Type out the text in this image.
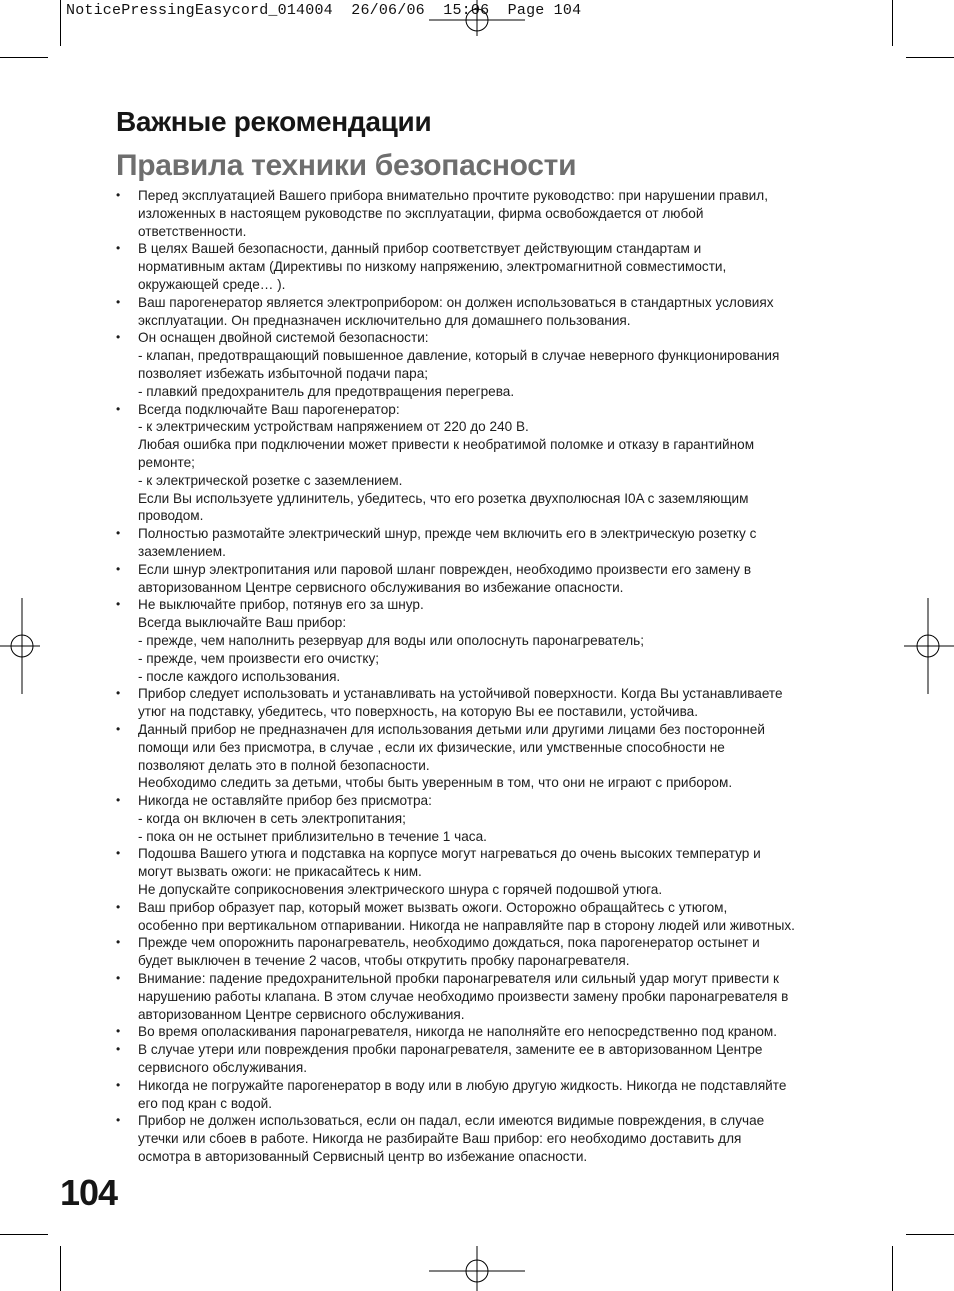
NoticePressingEasycord_014004  26/06/06  15:06  Page 104
Важные рекомендации
Правила техники безопасности
• Перед эксплуатацией Вашего прибора внимательно прочтите руководство: при нарушении правил,
изложенных в настоящем руководстве по эксплуатации, фирма освобождается от любой
ответственности.
• В целях Вашей безопасности, данный прибор соответствует действующим стандартам и
нормативным актам (Директивы по низкому напряжению, электромагнитной совместимости,
окружающей среде… ).
• Ваш парогенератор является электроприбором: он должен использоваться в стандартных условиях
эксплуатации. Он предназначен исключительно для домашнего пользования.
• Он оснащен двойной системой безопасности:
- клапан, предотвращающий повышенное давление, который в случае неверного функционирования
позволяет избежать избыточной подачи пара;
- плавкий предохранитель для предотвращения перегрева.
• Всегда подключайте Ваш парогенератор:
- к электрическим устройствам напряжением от 220 до 240 В.
Любая ошибка при подключении может привести к необратимой поломке и отказу в гарантийном
ремонте;
- к электрической розетке с заземлением.
Если Вы используете удлинитель, убедитесь, что его розетка двухполюсная I0A с заземляющим
проводом.
• Полностью размотайте электрический шнур, прежде чем включить его в электрическую розетку с
заземлением.
• Если шнур электропитания или паровой шланг поврежден, необходимо произвести его замену в
авторизованном Центре сервисного обслуживания во избежание опасности.
• Не выключайте прибор, потянув его за шнур.
Всегда выключайте Ваш прибор:
- прежде, чем наполнить резервуар для воды или ополоснуть паронагреватель;
- прежде, чем произвести его очистку;
- после каждого использования.
• Прибор следует использовать и устанавливать на устойчивой поверхности. Когда Вы устанавливаете
утюг на подставку, убедитесь, что поверхность, на которую Вы ее поставили, устойчива.
• Данный прибор не предназначен для использования детьми или другими лицами без посторонней
помощи или без присмотра, в случае , если их физические, или умственные способности не
позволяют делать это в полной безопасности.
Необходимо следить за детьми, чтобы быть уверенным в том, что они не играют с прибором.
• Никогда не оставляйте прибор без присмотра:
- когда он включен в сеть электропитания;
- пока он не остынет приблизительно в течение 1 часа.
• Подошва Вашего утюга и подставка на корпусе могут нагреваться до очень высоких температур и
могут вызвать ожоги: не прикасайтесь к ним.
Не допускайте соприкосновения электрического шнура с горячей подошвой утюга.
• Ваш прибор образует пар, который может вызвать ожоги. Осторожно обращайтесь с утюгом,
особенно при вертикальном отпаривании. Никогда не направляйте пар в сторону людей или животных.
• Прежде чем опорожнить паронагреватель, необходимо дождаться, пока парогенератор остынет и
будет выключен в течение 2 часов, чтобы открутить пробку паронагревателя.
• Внимание: падение предохранительной пробки паронагревателя или сильный удар могут привести к
нарушению работы клапана. В этом случае необходимо произвести замену пробки паронагревателя в
авторизованном Центре сервисного обслуживания.
• Во время ополаскивания паронагревателя, никогда не наполняйте его непосредственно под краном.
• В случае утери или повреждения пробки паронагревателя, замените ее в авторизованном Центре
сервисного обслуживания.
• Никогда не погружайте парогенератор в воду или в любую другую жидкость. Никогда не подставляйте
его под кран с водой.
• Прибор не должен использоваться, если он падал, если имеются видимые повреждения, в случае
утечки или сбоев в работе. Никогда не разбирайте Ваш прибор: его необходимо доставить для
осмотра в авторизованный Сервисный центр во избежание опасности.
104
